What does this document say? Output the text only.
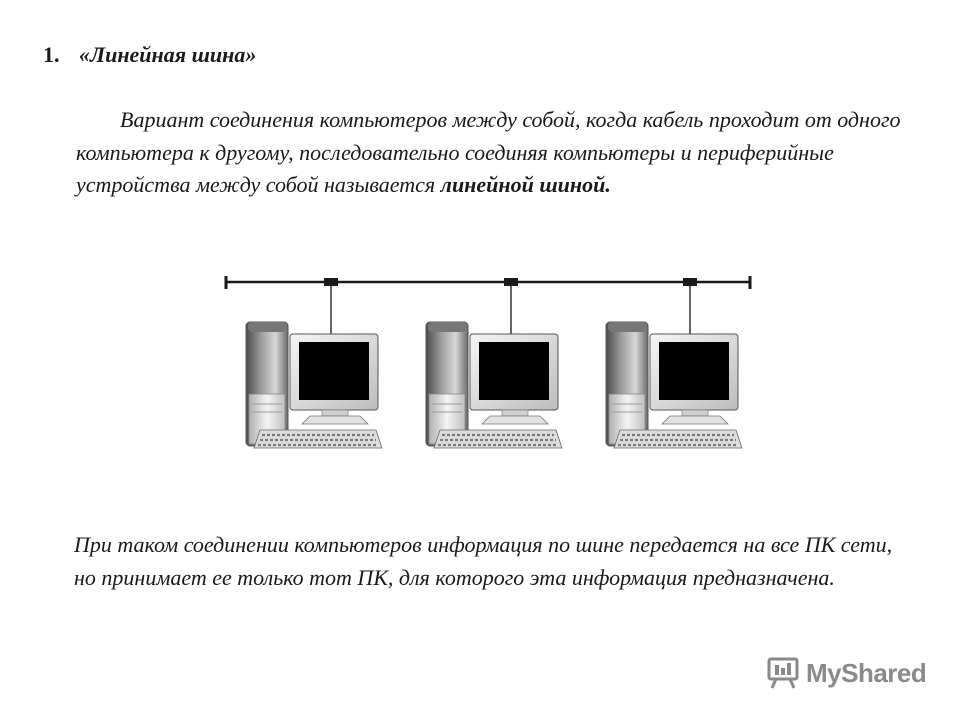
1. «Линейная шина»
Вариант соединения компьютеров между собой, когда кабель проходит от одного компьютера к другому, последовательно соединяя компьютеры и периферийные устройства между собой называется линейной шиной.
При таком соединении компьютеров информация по шине передается на все ПК сети, но принимает ее только тот ПК, для которого эта информация предназначена.
MyShared
